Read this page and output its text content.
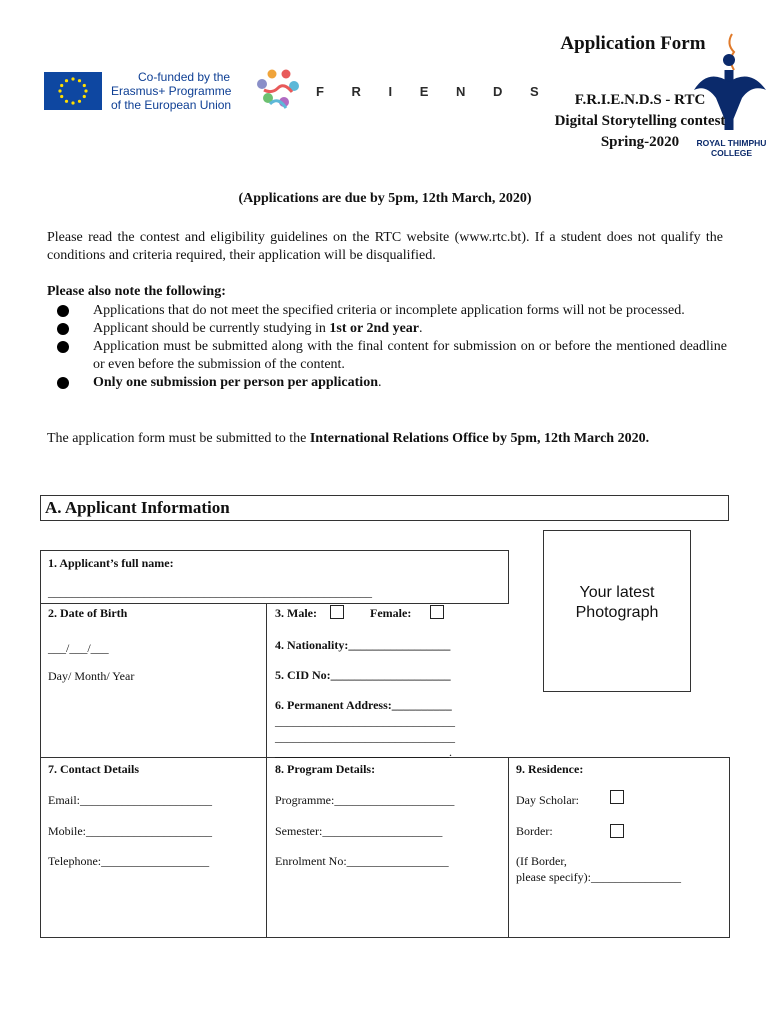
Co-funded by the
Erasmus+ Programme
of the European Union
F R I E N D S
ROYAL THIMPHU
COLLEGE
Application Form
F.R.I.E.N.D.S - RTC
Digital Storytelling contest
Spring-2020
(Applications are due by 5pm, 12th March, 2020)

Please read the contest and eligibility guidelines on the RTC website (www.rtc.bt). If a student does not qualify the conditions and criteria required, their application will be disqualified.

Please also note the following:
Applications that do not meet the specified criteria or incomplete application forms will not be processed.
Applicant should be currently studying in 1st or 2nd year.
Application must be submitted along with the final content for submission on or before the mentioned deadline or even before the submission of the content.
Only one submission per person per application.

The application form must be submitted to the International Relations Office by 5pm, 12th March 2020.

A. Applicant Information
Your latest
Photograph
1. Applicant’s full name:
______________________________________________________
2. Date of Birth
___/___/___
Day/ Month/ Year
3. Male:	Female:
4. Nationality:_________________
5. CID No:____________________
6. Permanent Address:__________
______________________________
______________________________
_____________________________.
7. Contact Details
Email:______________________
Mobile:_____________________
Telephone:__________________
8. Program Details:
Programme:____________________
Semester:____________________
Enrolment No:_________________
9. Residence:
Day Scholar:
Border:
(If Border,
please specify):_______________
